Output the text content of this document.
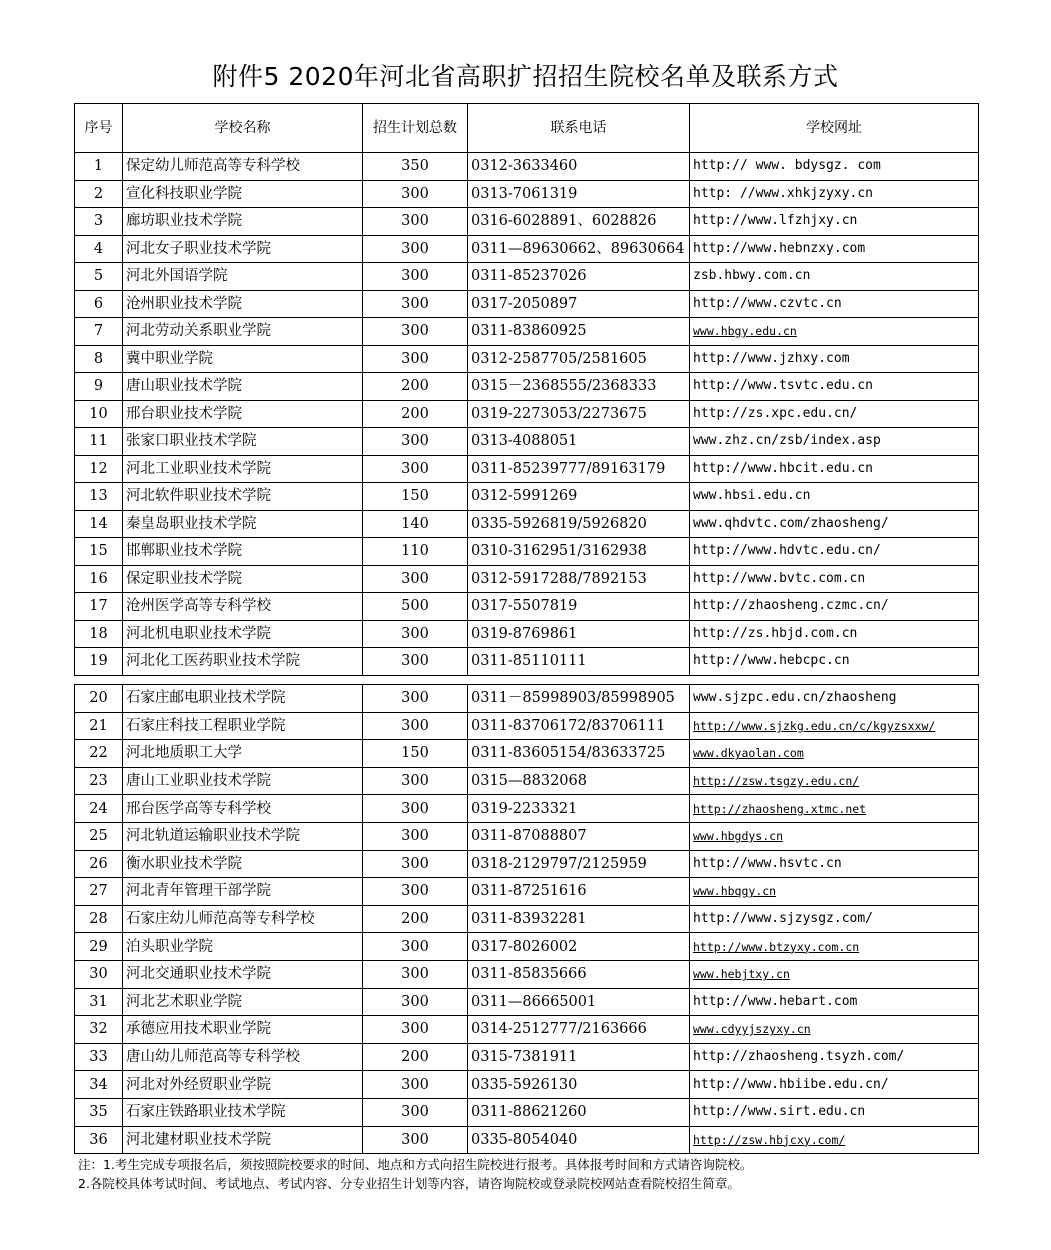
附件5 2020年河北省高职扩招招生院校名单及联系方式
序号	学校名称	招生计划总数	联系电话	学校网址
1	保定幼儿师范高等专科学校	350	0312-3633460	http:// www. bdysgz. com
2	宣化科技职业学院	300	0313-7061319	http: //www.xhkjzyxy.cn
3	廊坊职业技术学院	300	0316-6028891、6028826	http://www.lfzhjxy.cn
4	河北女子职业技术学院	300	0311—89630662、89630664	http://www.hebnzxy.com
5	河北外国语学院	300	0311-85237026	zsb.hbwy.com.cn
6	沧州职业技术学院	300	0317-2050897	http://www.czvtc.cn
7	河北劳动关系职业学院	300	0311-83860925	www.hbgy.edu.cn
8	冀中职业学院	300	0312-2587705/2581605	http://www.jzhxy.com
9	唐山职业技术学院	200	0315－2368555/2368333	http://www.tsvtc.edu.cn
10	邢台职业技术学院	200	0319-2273053/2273675	http://zs.xpc.edu.cn/
11	张家口职业技术学院	300	0313-4088051	www.zhz.cn/zsb/index.asp
12	河北工业职业技术学院	300	0311-85239777/89163179	http://www.hbcit.edu.cn
13	河北软件职业技术学院	150	0312-5991269	www.hbsi.edu.cn
14	秦皇岛职业技术学院	140	0335-5926819/5926820	www.qhdvtc.com/zhaosheng/
15	邯郸职业技术学院	110	0310-3162951/3162938	http://www.hdvtc.edu.cn/
16	保定职业技术学院	300	0312-5917288/7892153	http://www.bvtc.com.cn
17	沧州医学高等专科学校	500	0317-5507819	http://zhaosheng.czmc.cn/
18	河北机电职业技术学院	300	0319-8769861	http://zs.hbjd.com.cn
19	河北化工医药职业技术学院	300	0311-85110111	http://www.hebcpc.cn
20	石家庄邮电职业技术学院	300	0311－85998903/85998905	www.sjzpc.edu.cn/zhaosheng
21	石家庄科技工程职业学院	300	0311-83706172/83706111	http://www.sjzkg.edu.cn/c/kgyzsxxw/
22	河北地质职工大学	150	0311-83605154/83633725	www.dkyaolan.com
23	唐山工业职业技术学院	300	0315—8832068	http://zsw.tsgzy.edu.cn/
24	邢台医学高等专科学校	300	0319-2233321	http://zhaosheng.xtmc.net
25	河北轨道运输职业技术学院	300	0311-87088807	www.hbgdys.cn
26	衡水职业技术学院	300	0318-2129797/2125959	http://www.hsvtc.cn
27	河北青年管理干部学院	300	0311-87251616	www.hbqgy.cn
28	石家庄幼儿师范高等专科学校	200	0311-83932281	http://www.sjzysgz.com/
29	泊头职业学院	300	0317-8026002	http://www.btzyxy.com.cn
30	河北交通职业技术学院	300	0311-85835666	www.hebjtxy.cn
31	河北艺术职业学院	300	0311—86665001	http://www.hebart.com
32	承德应用技术职业学院	300	0314-2512777/2163666	www.cdyyjszyxy.cn
33	唐山幼儿师范高等专科学校	200	0315-7381911	http://zhaosheng.tsyzh.com/
34	河北对外经贸职业学院	300	0335-5926130	http://www.hbiibe.edu.cn/
35	石家庄铁路职业技术学院	300	0311-88621260	http://www.sirt.edu.cn
36	河北建材职业技术学院	300	0335-8054040	http://zsw.hbjcxy.com/
注：1.考生完成专项报名后，须按照院校要求的时间、地点和方式向招生院校进行报考。具体报考时间和方式请咨询院校。
2.各院校具体考试时间、考试地点、考试内容、分专业招生计划等内容，请咨询院校或登录院校网站查看院校招生简章。
